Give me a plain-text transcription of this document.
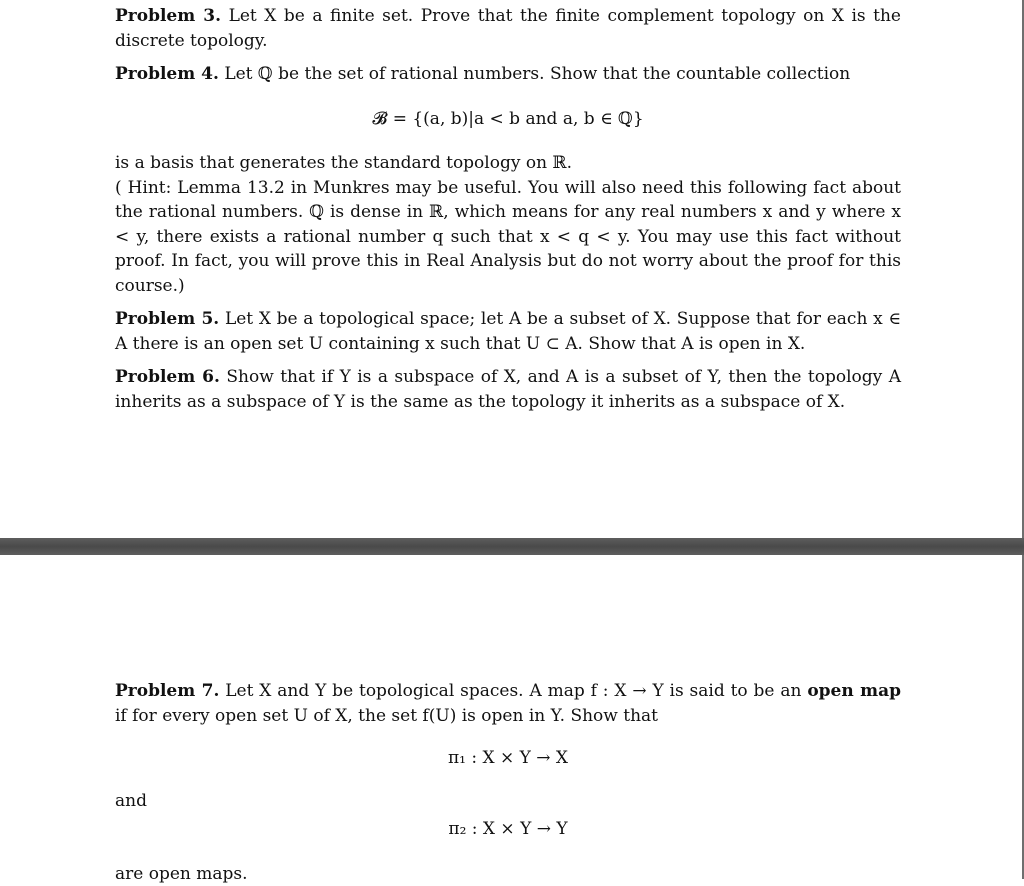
Problem 3. Let X be a finite set. Prove that the finite complement topology on X is the discrete topology.

Problem 4. Let ℚ be the set of rational numbers. Show that the countable collection

𝓑 = {(a, b)|a < b and a, b ∈ ℚ}

is a basis that generates the standard topology on ℝ.

( Hint: Lemma 13.2 in Munkres may be useful. You will also need this following fact about the rational numbers. ℚ is dense in ℝ, which means for any real numbers x and y where x < y, there exists a rational number q such that x < q < y. You may use this fact without proof. In fact, you will prove this in Real Analysis but do not worry about the proof for this course.)

Problem 5. Let X be a topological space; let A be a subset of X. Suppose that for each x ∈ A there is an open set U containing x such that U ⊂ A. Show that A is open in X.

Problem 6. Show that if Y is a subspace of X, and A is a subset of Y, then the topology A inherits as a subspace of Y is the same as the topology it inherits as a subspace of X.

Problem 7. Let X and Y be topological spaces. A map f : X → Y is said to be an open map if for every open set U of X, the set f(U) is open in Y. Show that

π₁ : X × Y → X

and

π₂ : X × Y → Y

are open maps.
